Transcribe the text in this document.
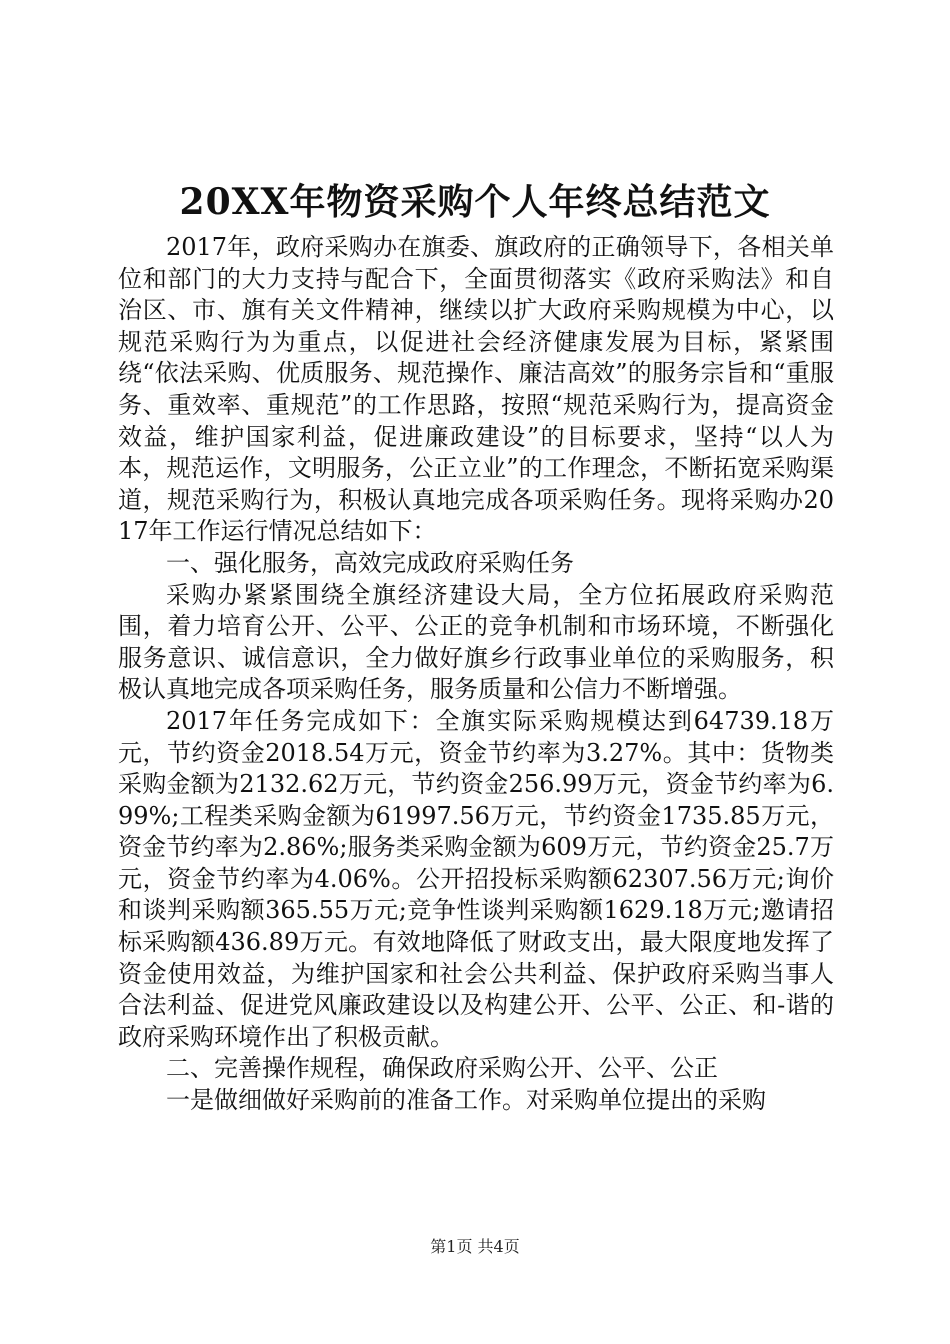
20XX年物资采购个人年终总结范文

2017年，政府采购办在旗委、旗政府的正确领导下，各相关单位和部门的大力支持与配合下，全面贯彻落实《政府采购法》和自治区、市、旗有关文件精神，继续以扩大政府采购规模为中心，以规范采购行为为重点，以促进社会经济健康发展为目标，紧紧围绕“依法采购、优质服务、规范操作、廉洁高效”的服务宗旨和“重服务、重效率、重规范”的工作思路，按照“规范采购行为，提高资金效益，维护国家利益，促进廉政建设”的目标要求，坚持“以人为本，规范运作，文明服务，公正立业”的工作理念，不断拓宽采购渠道，规范采购行为，积极认真地完成各项采购任务。现将采购办2017年工作运行情况总结如下：

一、强化服务，高效完成政府采购任务

采购办紧紧围绕全旗经济建设大局，全方位拓展政府采购范围，着力培育公开、公平、公正的竞争机制和市场环境，不断强化服务意识、诚信意识，全力做好旗乡行政事业单位的采购服务，积极认真地完成各项采购任务，服务质量和公信力不断增强。

2017年任务完成如下：全旗实际采购规模达到64739.18万元，节约资金2018.54万元，资金节约率为3.27%。其中：货物类采购金额为2132.62万元，节约资金256.99万元，资金节约率为6.99%;工程类采购金额为61997.56万元，节约资金1735.85万元，资金节约率为2.86%;服务类采购金额为609万元，节约资金25.7万元，资金节约率为4.06%。公开招投标采购额62307.56万元;询价和谈判采购额365.55万元;竞争性谈判采购额1629.18万元;邀请招标采购额436.89万元。有效地降低了财政支出，最大限度地发挥了资金使用效益，为维护国家和社会公共利益、保护政府采购当事人合法利益、促进党风廉政建设以及构建公开、公平、公正、和-谐的政府采购环境作出了积极贡献。

二、完善操作规程，确保政府采购公开、公平、公正

一是做细做好采购前的准备工作。对采购单位提出的采购

第1页 共4页
